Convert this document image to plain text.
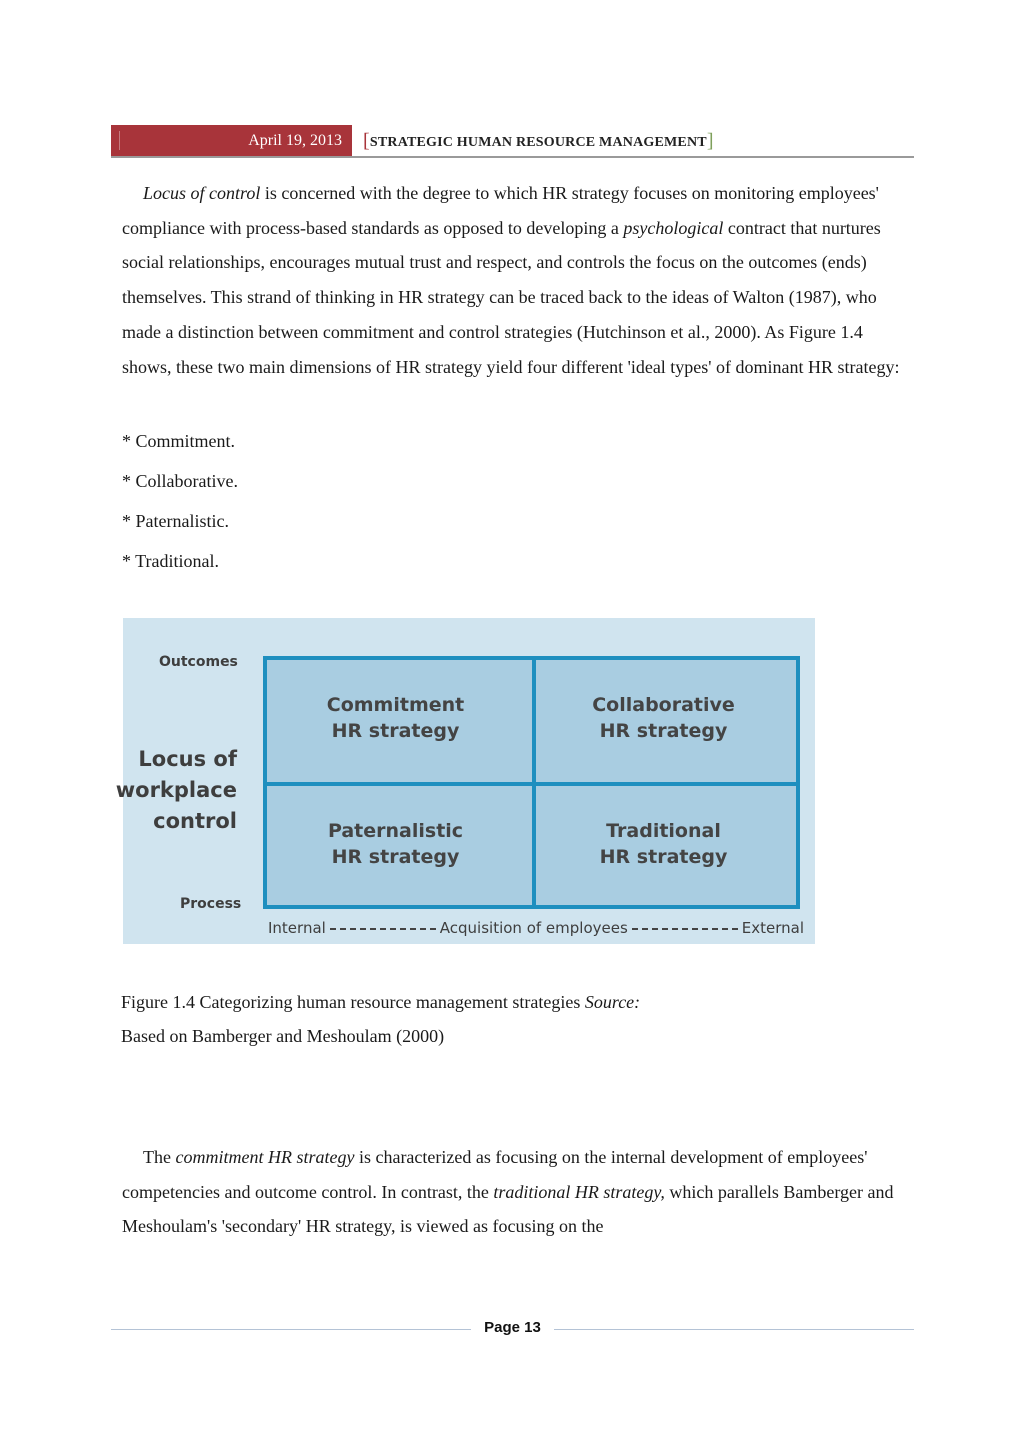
April 19, 2013	[STRATEGIC HUMAN RESOURCE MANAGEMENT]

Locus of control is concerned with the degree to which HR strategy focuses on monitoring employees' compliance with process-based standards as opposed to developing a psychological contract that nurtures social relationships, encourages mutual trust and respect, and controls the focus on the outcomes (ends) themselves. This strand of thinking in HR strategy can be traced back to the ideas of Walton (1987), who made a distinction between commitment and control strategies (Hutchinson et al., 2000). As Figure 1.4 shows, these two main dimensions of HR strategy yield four different 'ideal types' of dominant HR strategy:

* Commitment.
* Collaborative.
* Paternalistic.
* Traditional.
Outcomes
Process
Locus of
workplace
control
Commitment
HR strategy
Collaborative
HR strategy
Paternalistic
HR strategy
Traditional
HR strategy
Internal	Acquisition of employees	External
Figure 1.4 Categorizing human resource management strategies Source:
Based on Bamberger and Meshoulam (2000)

The commitment HR strategy is characterized as focusing on the internal development of employees' competencies and outcome control. In contrast, the traditional HR strategy, which parallels Bamberger and Meshoulam's 'secondary' HR strategy, is viewed as focusing on the

Page 13
